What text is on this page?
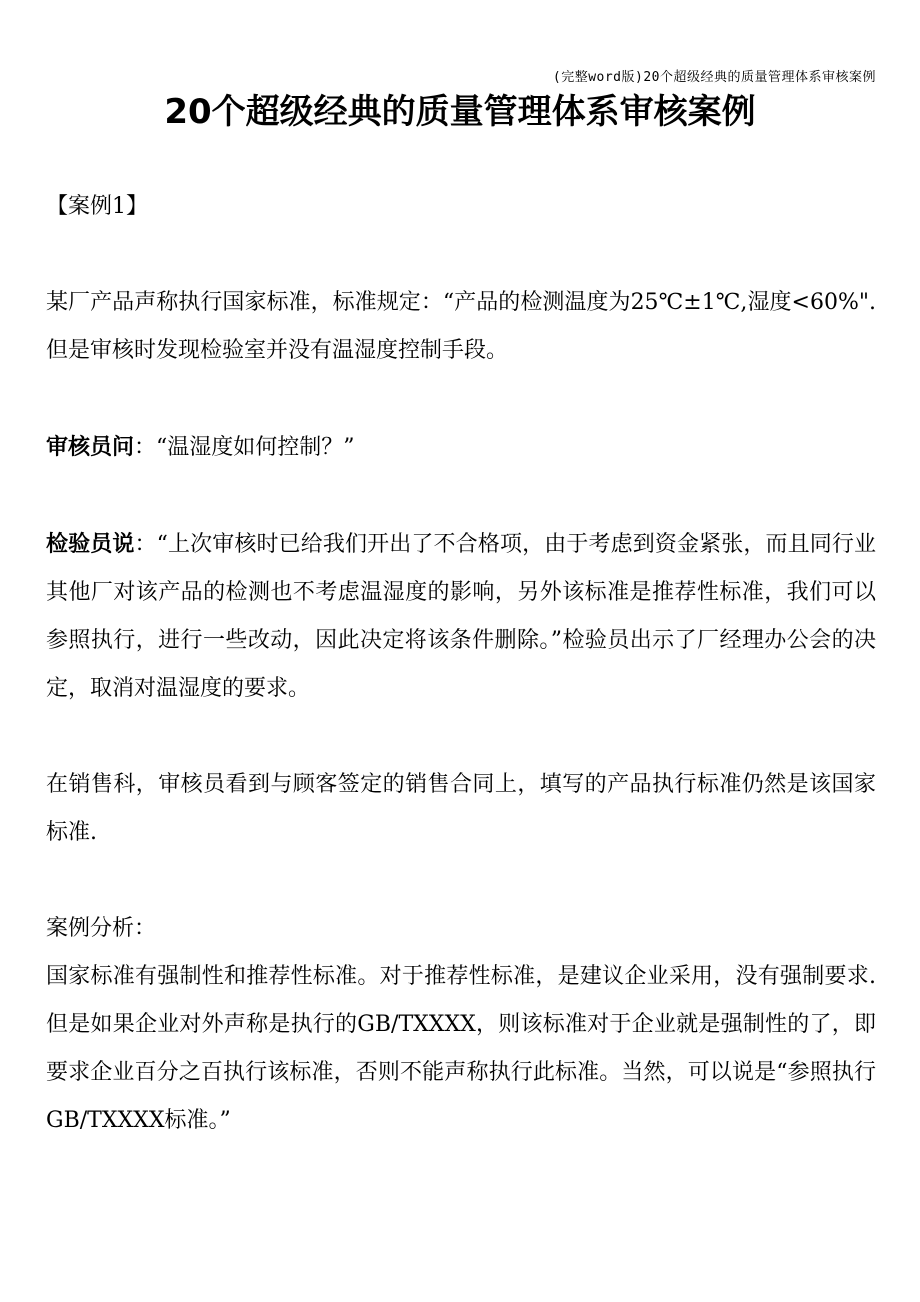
(完整word版)20个超级经典的质量管理体系审核案例
20个超级经典的质量管理体系审核案例

【案例1】

某厂产品声称执行国家标准，标准规定：“产品的检测温度为25℃±1℃,湿度<60%".但是审核时发现检验室并没有温湿度控制手段。

审核员问：“温湿度如何控制？”

检验员说：“上次审核时已给我们开出了不合格项，由于考虑到资金紧张，而且同行业其他厂对该产品的检测也不考虑温湿度的影响，另外该标准是推荐性标准，我们可以参照执行，进行一些改动，因此决定将该条件删除。”检验员出示了厂经理办公会的决定，取消对温湿度的要求。

在销售科，审核员看到与顾客签定的销售合同上，填写的产品执行标准仍然是该国家标准.

案例分析：

国家标准有强制性和推荐性标准。对于推荐性标准，是建议企业采用，没有强制要求.但是如果企业对外声称是执行的GB/TXXXX，则该标准对于企业就是强制性的了，即要求企业百分之百执行该标准，否则不能声称执行此标准。当然，可以说是“参照执行GB/TXXXX标准。”
